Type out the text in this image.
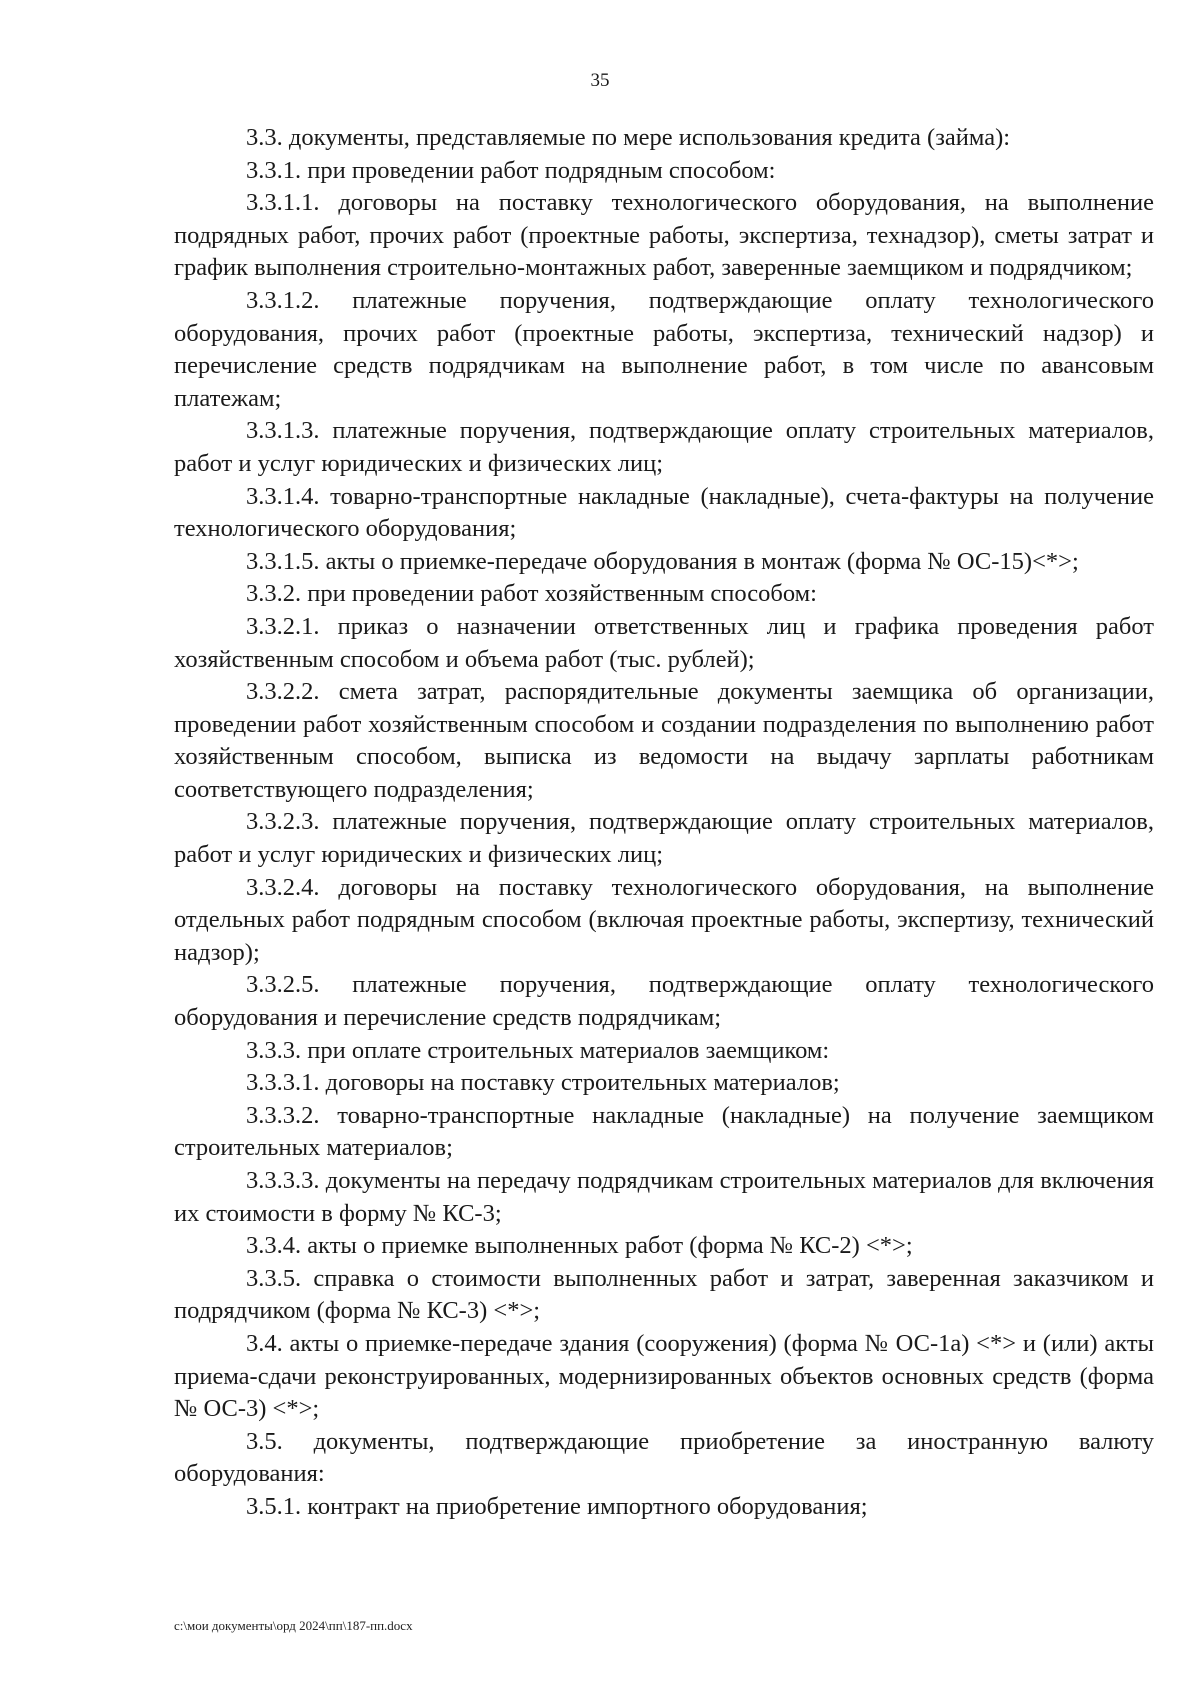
35

3.3. документы, представляемые по мере использования кредита (займа):

3.3.1. при проведении работ подрядным способом:

3.3.1.1. договоры на поставку технологического оборудования, на выполнение подрядных работ, прочих работ (проектные работы, экспертиза, технадзор), сметы затрат и график выполнения строительно-монтажных работ, заверенные заемщиком и подрядчиком;

3.3.1.2. платежные поручения, подтверждающие оплату технологического оборудования, прочих работ (проектные работы, экспертиза, технический надзор) и перечисление средств подрядчикам на выполнение работ, в том числе по авансовым платежам;

3.3.1.3. платежные поручения, подтверждающие оплату строительных материалов, работ и услуг юридических и физических лиц;

3.3.1.4. товарно-транспортные накладные (накладные), счета-фактуры на получение технологического оборудования;

3.3.1.5. акты о приемке-передаче оборудования в монтаж (форма № ОС-15)<*>;

3.3.2. при проведении работ хозяйственным способом:

3.3.2.1. приказ о назначении ответственных лиц и графика проведения работ хозяйственным способом и объема работ (тыс. рублей);

3.3.2.2. смета затрат, распорядительные документы заемщика об организации, проведении работ хозяйственным способом и создании подразделения по выполнению работ хозяйственным способом, выписка из ведомости на выдачу зарплаты работникам соответствующего подразделения;

3.3.2.3. платежные поручения, подтверждающие оплату строительных материалов, работ и услуг юридических и физических лиц;

3.3.2.4. договоры на поставку технологического оборудования, на выполнение отдельных работ подрядным способом (включая проектные работы, экспертизу, технический надзор);

3.3.2.5. платежные поручения, подтверждающие оплату технологического оборудования и перечисление средств подрядчикам;

3.3.3. при оплате строительных материалов заемщиком:

3.3.3.1. договоры на поставку строительных материалов;

3.3.3.2. товарно-транспортные накладные (накладные) на получение заемщиком строительных материалов;

3.3.3.3. документы на передачу подрядчикам строительных материалов для включения их стоимости в форму № КС-3;

3.3.4. акты о приемке выполненных работ (форма № КС-2) <*>;

3.3.5. справка о стоимости выполненных работ и затрат, заверенная заказчиком и подрядчиком (форма № КС-3) <*>;

3.4. акты о приемке-передаче здания (сооружения) (форма № ОС-1а) <*> и (или) акты приема-сдачи реконструированных, модернизированных объектов основных средств (форма № ОС-3) <*>;

3.5. документы, подтверждающие приобретение за иностранную валюту оборудования:

3.5.1. контракт на приобретение импортного оборудования;

c:\мои документы\орд 2024\пп\187-пп.docx
